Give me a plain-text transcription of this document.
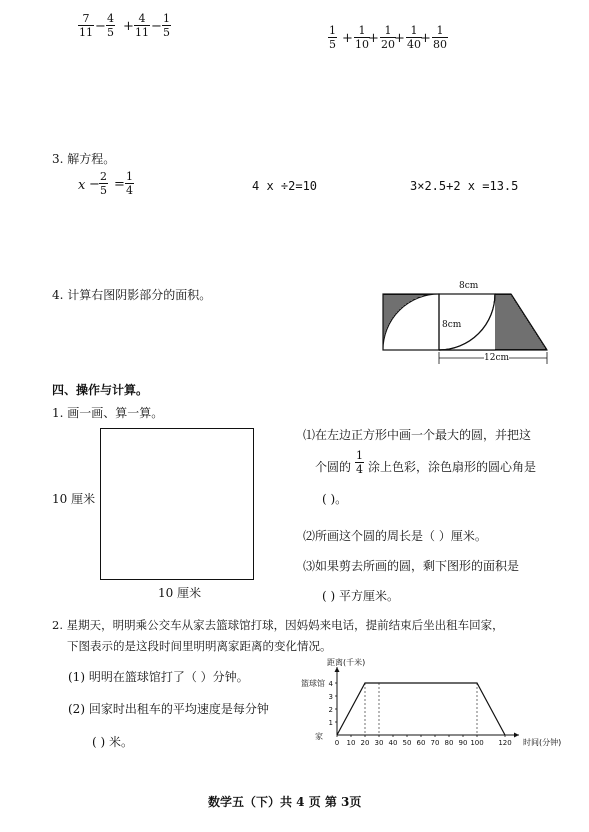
$\frac{7}{11} - \frac{4}{5} + \frac{4}{11} - \frac{1}{5}$	$\frac{1}{5} + \frac{1}{10}$
+ $\frac{1}{20}$
+ $\frac{1}{40}$
+ $\frac{1}{80}$
3. 解方程。
$x - \frac{2}{5} = \frac{1}{4}$	4 x ÷2=10	3×2.5+2 x =13.5
4. 计算右图阴影部分的面积。
8cm
8cm
12cm
四、操作与计算。
1. 画一画、算一算。
10 厘米
10 厘米
⑴在左边正方形中画一个最大的圆，并把这
个圆的 $\frac{1}{4}$ 涂上色彩，涂色扇形的圆心角是
( )。
⑵所画这个圆的周长是（ ）厘米。
⑶如果剪去所画的圆，剩下图形的面积是
( ) 平方厘米。
2. 星期天，明明乘公交车从家去篮球馆打球，因妈妈来电话，提前结束后坐出租车回家，
下图表示的是这段时间里明明离家距离的变化情况。
(1) 明明在篮球馆打了（ ）分钟。
(2) 回家时出租车的平均速度是每分钟
( ) 米。	0 10 20 30 40 50 60 70 80 90 100 120
1
2
3
4
家
篮球馆
距离(千米)
时间(分钟)
数学五（下）共 4 页 第 3页
